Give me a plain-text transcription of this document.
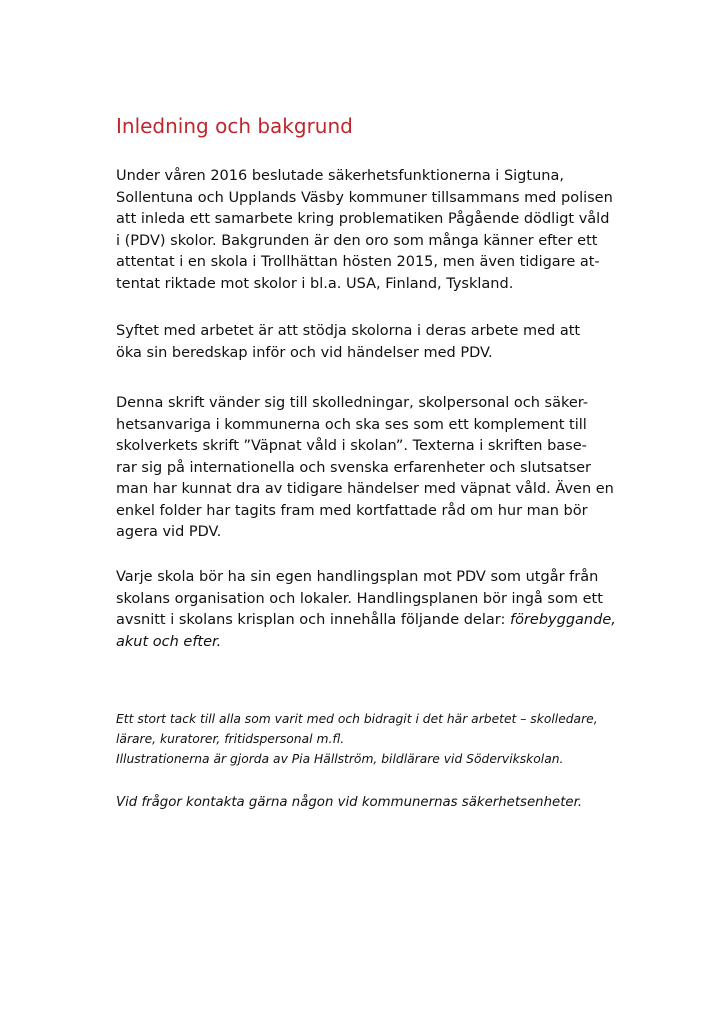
Inledning och bakgrund

Under våren 2016 beslutade säkerhetsfunktionerna i Sigtuna,
Sollentuna och Upplands Väsby kommuner tillsammans med polisen
att inleda ett samarbete kring problematiken Pågående dödligt våld
i (PDV) skolor. Bakgrunden är den oro som många känner efter ett
attentat i en skola i Trollhättan hösten 2015, men även tidigare at-
tentat riktade mot skolor i bl.a. USA, Finland, Tyskland.

Syftet med arbetet är att stödja skolorna i deras arbete med att
öka sin beredskap inför och vid händelser med PDV.

Denna skrift vänder sig till skolledningar, skolpersonal och säker-
hetsanvariga i kommunerna och ska ses som ett komplement till
skolverkets skrift ”Väpnat våld i skolan”. Texterna i skriften base-
rar sig på internationella och svenska erfarenheter och slutsatser
man har kunnat dra av tidigare händelser med väpnat våld. Även en
enkel folder har tagits fram med kortfattade råd om hur man bör
agera vid PDV.

Varje skola bör ha sin egen handlingsplan mot PDV som utgår från
skolans organisation och lokaler. Handlingsplanen bör ingå som ett
avsnitt i skolans krisplan och innehålla följande delar: förebyggande,
akut och efter.

Ett stort tack till alla som varit med och bidragit i det här arbetet – skolledare,
lärare, kuratorer, fritidspersonal m.fl.
Illustrationerna är gjorda av Pia Hällström, bildlärare vid Södervikskolan.

Vid frågor kontakta gärna någon vid kommunernas säkerhetsenheter.
